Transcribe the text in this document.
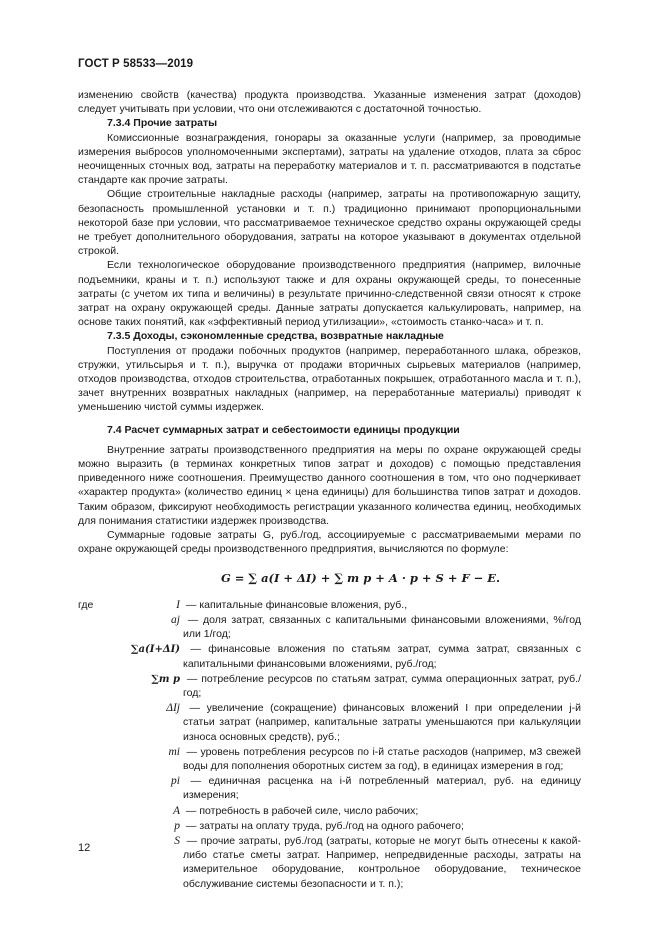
ГОСТ Р 58533—2019

изменению свойств (качества) продукта производства. Указанные изменения затрат (доходов) следует учитывать при условии, что они отслеживаются с достаточной точностью.

7.3.4 Прочие затраты

Комиссионные вознаграждения, гонорары за оказанные услуги (например, за проводимые измерения выбросов уполномоченными экспертами), затраты на удаление отходов, плата за сброс неочищенных сточных вод, затраты на переработку материалов и т. п. рассматриваются в подстатье стандарте как прочие затраты.

Общие строительные накладные расходы (например, затраты на противопожарную защиту, безопасность промышленной установки и т. п.) традиционно принимают пропорциональными некоторой базе при условии, что рассматриваемое техническое средство охраны окружающей среды не требует дополнительного оборудования, затраты на которое указывают в документах отдельной строкой.

Если технологическое оборудование производственного предприятия (например, вилочные подъемники, краны и т. п.) используют также и для охраны окружающей среды, то понесенные затраты (с учетом их типа и величины) в результате причинно-следственной связи относят к строке затрат на охрану окружающей среды. Данные затраты допускается калькулировать, например, на основе таких понятий, как «эффективный период утилизации», «стоимость станко-часа» и т. п.

7.3.5 Доходы, сэкономленные средства, возвратные накладные

Поступления от продажи побочных продуктов (например, переработанного шлака, обрезков, стружки, утильсырья и т. п.), выручка от продажи вторичных сырьевых материалов (например, отходов производства, отходов строительства, отработанных покрышек, отработанного масла и т. п.), зачет внутренних возвратных накладных (например, на переработанные материалы) приводят к уменьшению чистой суммы издержек.

7.4 Расчет суммарных затрат и себестоимости единицы продукции

Внутренние затраты производственного предприятия на меры по охране окружающей среды можно выразить (в терминах конкретных типов затрат и доходов) с помощью представления приведенного ниже соотношения. Преимущество данного соотношения в том, что оно подчеркивает «характер продукта» (количество единиц × цена единицы) для большинства типов затрат и доходов. Таким образом, фиксируют необходимость регистрации указанного количества единиц, необходимых для понимания статистики издержек производства.

Суммарные годовые затраты G, руб./год, ассоциируемые с рассматриваемыми мерами по охране окружающей среды производственного предприятия, вычисляются по формуле:

G = ∑ a(I + ΔI) + ∑ m p + A · p + S + F − E.
где	I — капитальные финансовые вложения, руб.,
aj — доля затрат, связанных с капитальными финансовыми вложениями, %/год или 1/год;
∑a(I+ΔI) — финансовые вложения по статьям затрат, сумма затрат, связанных с капитальными финансовыми вложениями, руб./год;
∑m p — потребление ресурсов по статьям затрат, сумма операционных затрат, руб./год;
ΔIj — увеличение (сокращение) финансовых вложений I при определении j-й статьи затрат (например, капитальные затраты уменьшаются при калькуляции износа основных средств), руб.;
mi — уровень потребления ресурсов по i-й статье расходов (например, м3 свежей воды для пополнения оборотных систем за год), в единицах измерения в год;
pi — единичная расценка на i-й потребленный материал, руб. на единицу измерения;
A — потребность в рабочей силе, число рабочих;
p — затраты на оплату труда, руб./год на одного рабочего;
S — прочие затраты, руб./год (затраты, которые не могут быть отнесены к какой-либо статье сметы затрат. Например, непредвиденные расходы, затраты на измерительное оборудование, контрольное оборудование, техническое обслуживание системы безопасности и т. п.);
12
